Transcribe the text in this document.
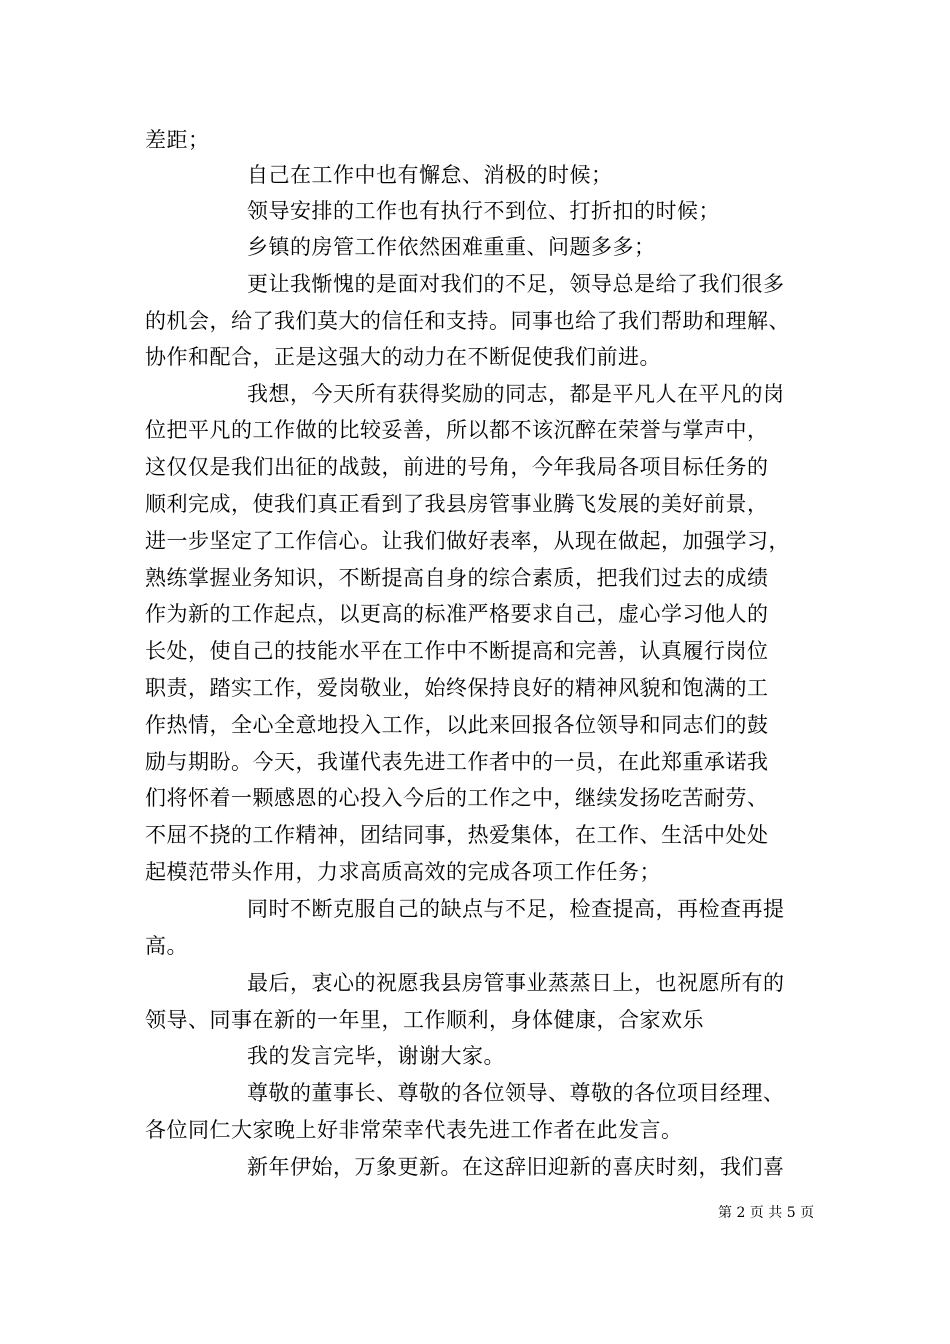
差距；
自己在工作中也有懈怠、消极的时候；
领导安排的工作也有执行不到位、打折扣的时候；
乡镇的房管工作依然困难重重、问题多多；
更让我惭愧的是面对我们的不足，领导总是给了我们很多
的机会，给了我们莫大的信任和支持。同事也给了我们帮助和理解、
协作和配合，正是这强大的动力在不断促使我们前进。
我想，今天所有获得奖励的同志，都是平凡人在平凡的岗
位把平凡的工作做的比较妥善，所以都不该沉醉在荣誉与掌声中，
这仅仅是我们出征的战鼓，前进的号角，今年我局各项目标任务的
顺利完成，使我们真正看到了我县房管事业腾飞发展的美好前景，
进一步坚定了工作信心。让我们做好表率，从现在做起，加强学习，
熟练掌握业务知识，不断提高自身的综合素质，把我们过去的成绩
作为新的工作起点，以更高的标准严格要求自己，虚心学习他人的
长处，使自己的技能水平在工作中不断提高和完善，认真履行岗位
职责，踏实工作，爱岗敬业，始终保持良好的精神风貌和饱满的工
作热情，全心全意地投入工作，以此来回报各位领导和同志们的鼓
励与期盼。今天，我谨代表先进工作者中的一员，在此郑重承诺我
们将怀着一颗感恩的心投入今后的工作之中，继续发扬吃苦耐劳、
不屈不挠的工作精神，团结同事，热爱集体，在工作、生活中处处
起模范带头作用，力求高质高效的完成各项工作任务；
同时不断克服自己的缺点与不足，检查提高，再检查再提
高。
最后，衷心的祝愿我县房管事业蒸蒸日上，也祝愿所有的
领导、同事在新的一年里，工作顺利，身体健康，合家欢乐
我的发言完毕，谢谢大家。
尊敬的董事长、尊敬的各位领导、尊敬的各位项目经理、
各位同仁大家晚上好非常荣幸代表先进工作者在此发言。
新年伊始，万象更新。在这辞旧迎新的喜庆时刻，我们喜
第 2 页 共 5 页
